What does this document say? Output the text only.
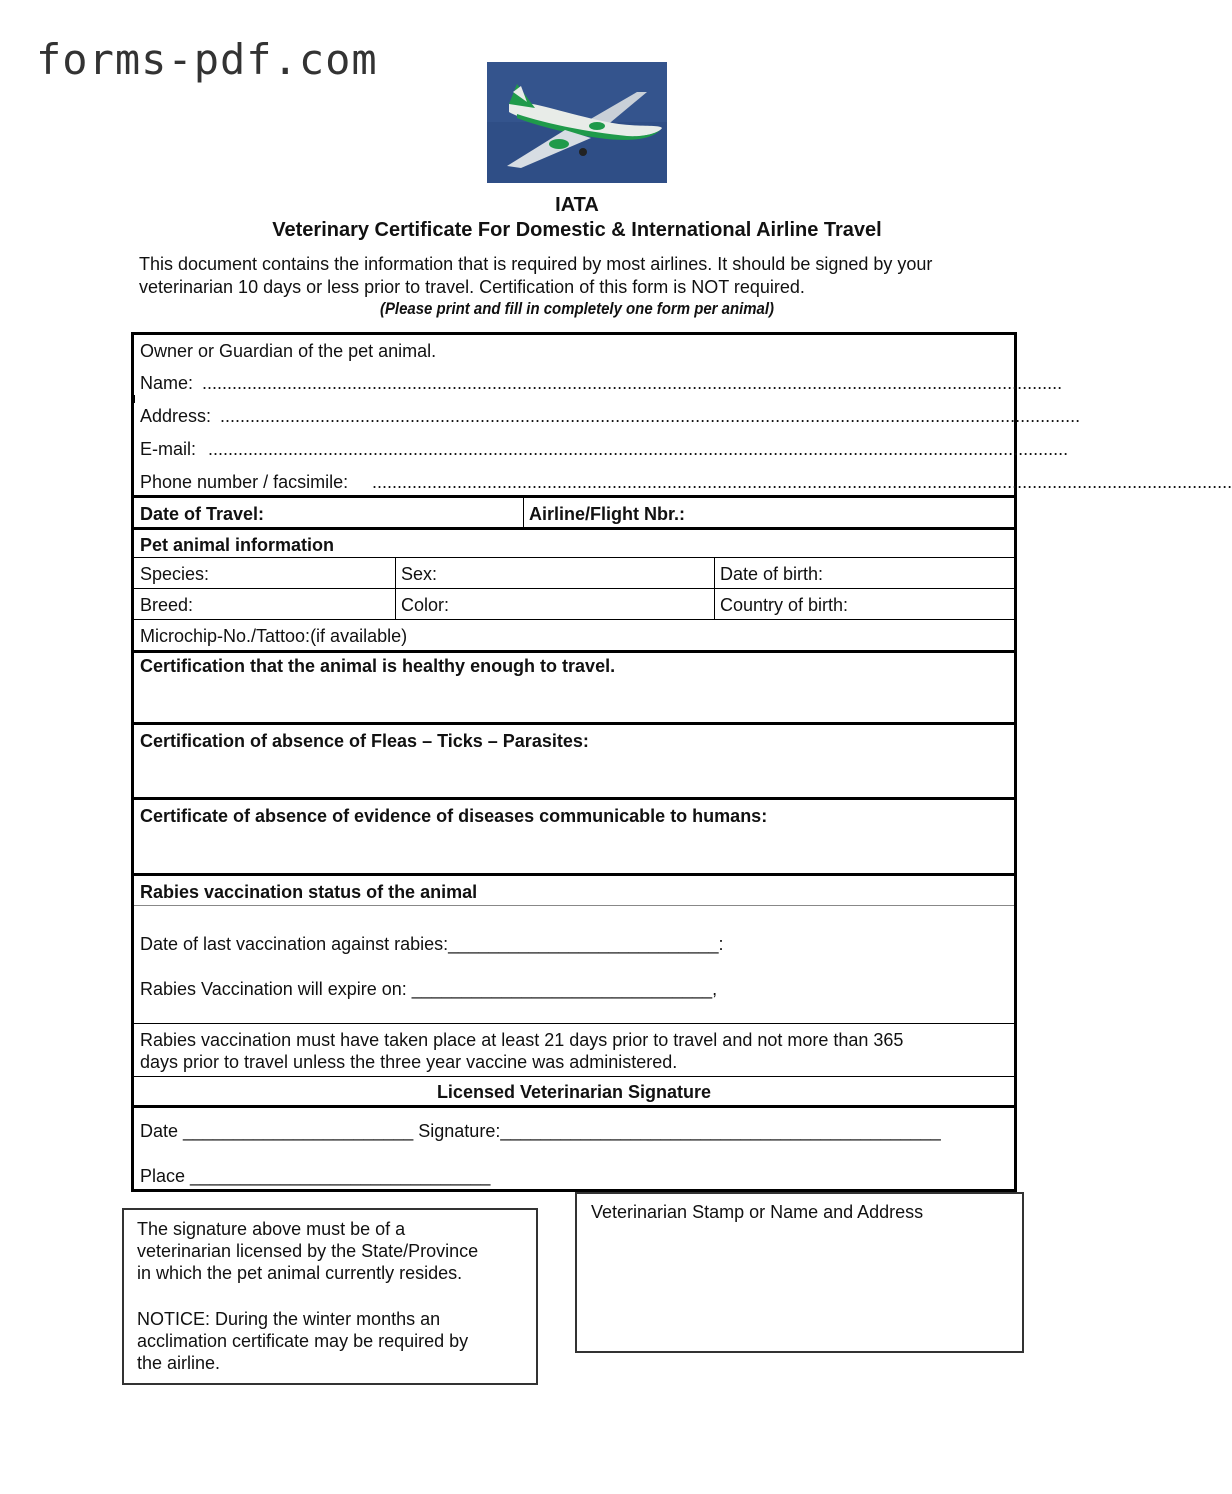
forms-pdf.com
IATA
Veterinary Certificate For Domestic & International Airline Travel
This document contains the information that is required by most airlines. It should be signed by your
veterinarian 10 days or less prior to travel. Certification of this form is NOT required.
(Please print and fill in completely one form per animal)
Owner or Guardian of the pet animal.
Name: ............................................................................................................................................................................
Address: ............................................................................................................................................................................
E-mail: ............................................................................................................................................................................
Phone number / facsimile: ............................................................................................................................................................................
Date of Travel:	Airline/Flight Nbr.:
Pet animal information
Species:	Sex:	Date of birth:
Breed:	Color:	Country of birth:
Microchip-No./Tattoo:(if available)
Certification that the animal is healthy enough to travel.
Certification of absence of Fleas – Ticks – Parasites:
Certificate of absence of evidence of diseases communicable to humans:
Rabies vaccination status of the animal
Date of last vaccination against rabies:___________________________:
Rabies Vaccination will expire on: ______________________________,
Rabies vaccination must have taken place at least 21 days prior to travel and not more than 365
days prior to travel unless the three year vaccine was administered.
Licensed Veterinarian Signature
Date _______________________ Signature:____________________________________________
Place ______________________________

The signature above must be of a

veterinarian licensed by the State/Province

in which the pet animal currently resides.

NOTICE: During the winter months an

acclimation certificate may be required by

the airline.

Veterinarian Stamp or Name and Address
